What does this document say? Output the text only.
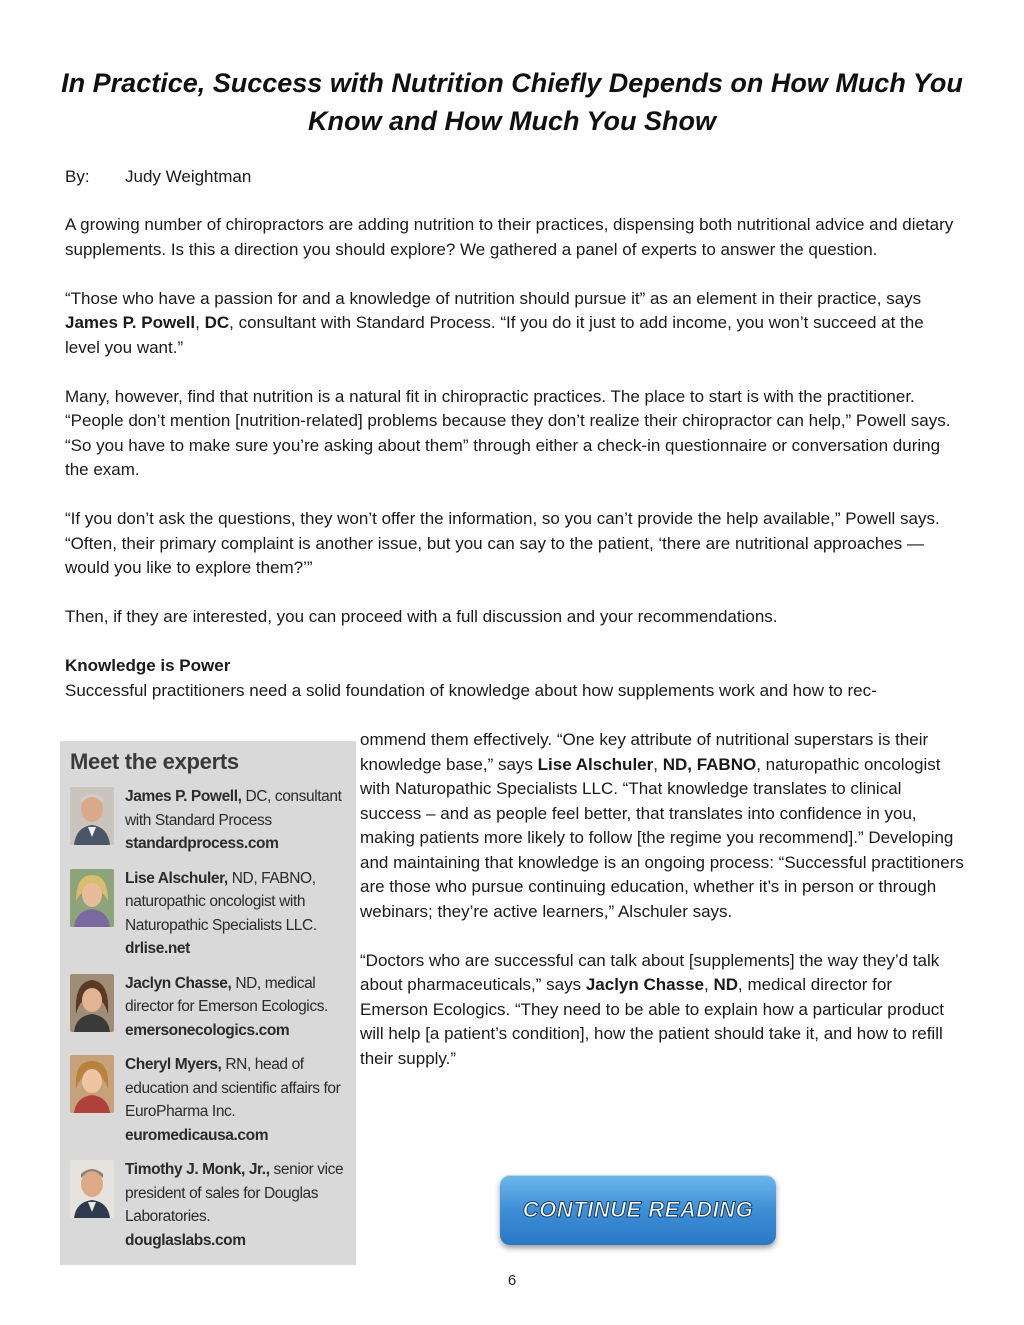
In Practice, Success with Nutrition Chiefly Depends on How Much You Know and How Much You Show
By: Judy Weightman

A growing number of chiropractors are adding nutrition to their practices, dispensing both nutritional advice and dietary supplements. Is this a direction you should explore? We gathered a panel of experts to answer the question.

“Those who have a passion for and a knowledge of nutrition should pursue it” as an element in their practice, says James P. Powell, DC, consultant with Standard Process. “If you do it just to add income, you won’t succeed at the level you want.”

Many, however, find that nutrition is a natural fit in chiropractic practices. The place to start is with the practitioner. “People don’t mention [nutrition-related] problems because they don’t realize their chiropractor can help,” Powell says. “So you have to make sure you’re asking about them” through either a check-in questionnaire or conversation during the exam.

“If you don’t ask the questions, they won’t offer the information, so you can’t provide the help available,” Powell says. “Often, their primary complaint is another issue, but you can say to the patient, ‘there are nutritional approaches — would you like to explore them?’”

Then, if they are interested, you can proceed with a full discussion and your recommendations.

Knowledge is Power

Successful practitioners need a solid foundation of knowledge about how supplements work and how to rec-

Meet the experts
James P. Powell, DC, consultant with Standard Process
standardprocess.com
Lise Alschuler, ND, FABNO, naturopathic oncologist with Naturopathic Specialists LLC.
drlise.net
Jaclyn Chasse, ND, medical director for Emerson Ecologics.
emersonecologics.com
Cheryl Myers, RN, head of education and scientific affairs for EuroPharma Inc.
euromedicausa.com
Timothy J. Monk, Jr., senior vice president of sales for Douglas Laboratories.
douglaslabs.com

ommend them effectively. “One key attribute of nutritional superstars is their knowledge base,” says Lise Alschuler, ND, FABNO, naturopathic oncologist with Naturopathic Specialists LLC. “That knowledge translates to clinical success – and as people feel better, that translates into confidence in you, making patients more likely to follow [the regime you recommend].” Developing and maintaining that knowledge is an ongoing process: “Successful practitioners are those who pursue continuing education, whether it’s in person or through webinars; they’re active learners,” Alschuler says.

“Doctors who are successful can talk about [supplements] the way they’d talk about pharmaceuticals,” says Jaclyn Chasse, ND, medical director for Emerson Ecologics. “They need to be able to explain how a particular product will help [a patient’s condition], how the patient should take it, and how to refill their supply.”

CONTINUE READING
6
